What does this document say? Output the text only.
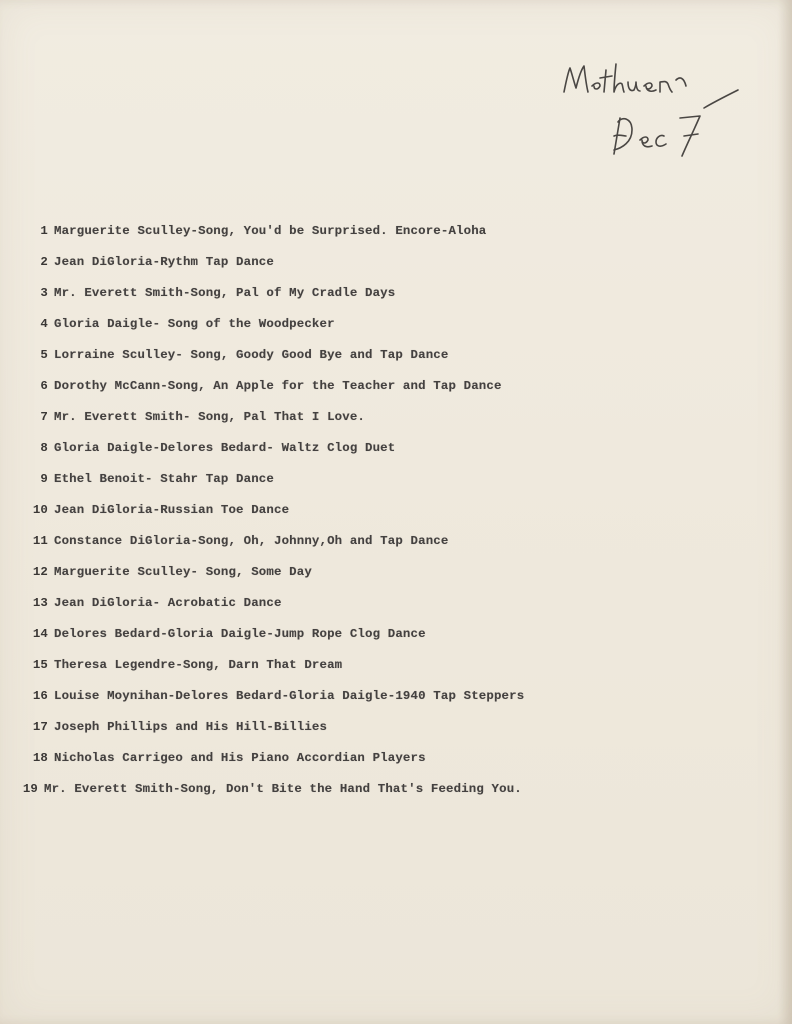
1 Marguerite Sculley-Song, You'd be Surprised. Encore-Aloha
2 Jean DiGloria-Rythm Tap Dance
3 Mr. Everett Smith-Song, Pal of My Cradle Days
4 Gloria Daigle- Song of the Woodpecker
5 Lorraine Sculley- Song, Goody Good Bye and Tap Dance
6 Dorothy McCann-Song, An Apple for the Teacher and Tap Dance
7 Mr. Everett Smith- Song, Pal That I Love.
8 Gloria Daigle-Delores Bedard- Waltz Clog Duet
9 Ethel Benoit- Stahr Tap Dance
10 Jean DiGloria-Russian Toe Dance
11 Constance DiGloria-Song, Oh, Johnny,Oh and Tap Dance
12 Marguerite Sculley- Song, Some Day
13 Jean DiGloria- Acrobatic Dance
14 Delores Bedard-Gloria Daigle-Jump Rope Clog Dance
15 Theresa Legendre-Song, Darn That Dream
16 Louise Moynihan-Delores Bedard-Gloria Daigle-1940 Tap Steppers
17 Joseph Phillips and His Hill-Billies
18 Nicholas Carrigeo and His Piano Accordian Players
19 Mr. Everett Smith-Song, Don't Bite the Hand That's Feeding You.
